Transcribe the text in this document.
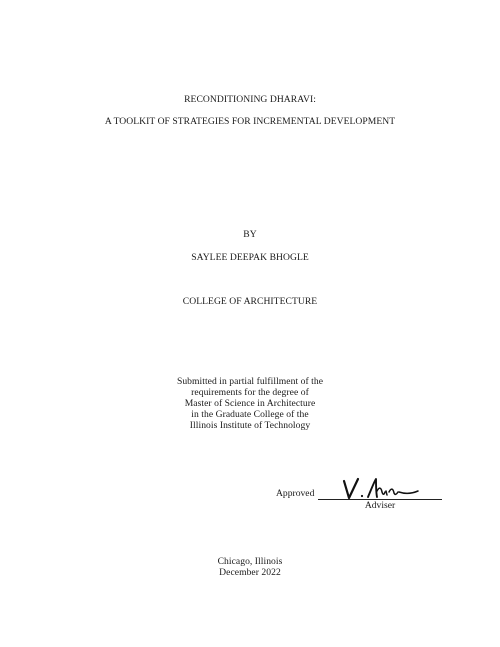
RECONDITIONING DHARAVI:
A TOOLKIT OF STRATEGIES FOR INCREMENTAL DEVELOPMENT
BY
SAYLEE DEEPAK BHOGLE
COLLEGE OF ARCHITECTURE
Submitted in partial fulfillment of the
requirements for the degree of
Master of Science in Architecture
in the Graduate College of the
Illinois Institute of Technology
Approved
Adviser
Chicago, Illinois
December 2022
